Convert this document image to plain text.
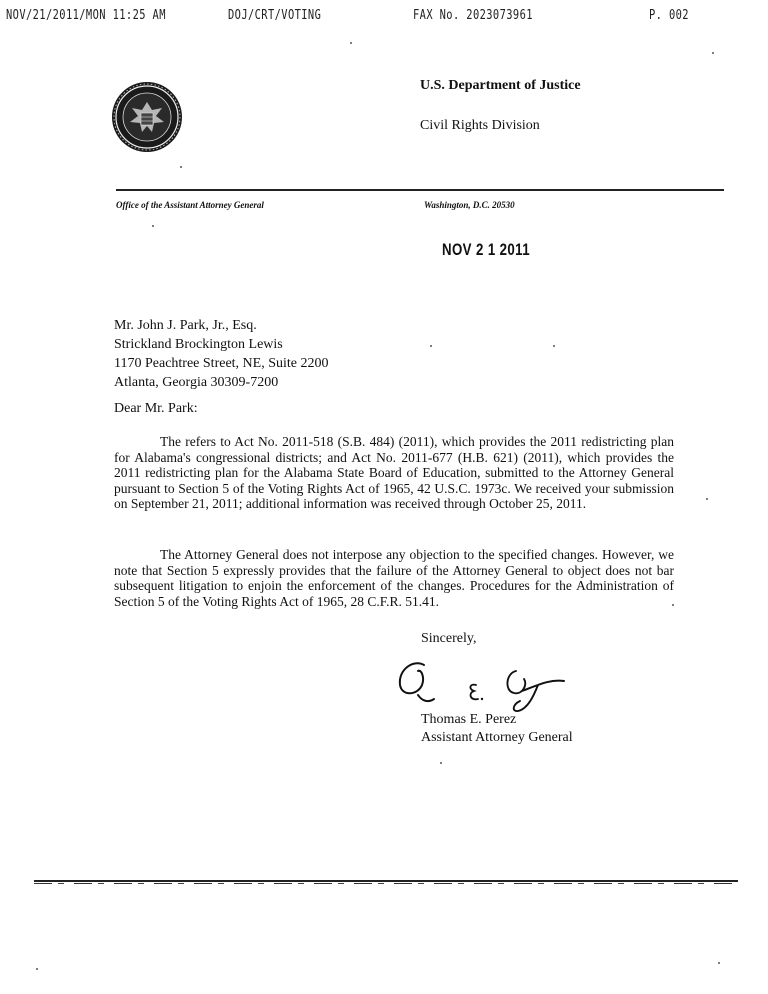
NOV/21/2011/MON 11:25 AM	DOJ/CRT/VOTING	FAX No. 2023073961	P. 002
U.S. Department of Justice
Civil Rights Division
Office of the Assistant Attorney General	Washington, D.C. 20530
NOV 2 1 2011
Mr. John J. Park, Jr., Esq.
Strickland Brockington Lewis
1170 Peachtree Street, NE, Suite 2200
Atlanta, Georgia 30309-7200
Dear Mr. Park:

The refers to Act No. 2011-518 (S.B. 484) (2011), which provides the 2011 redistricting plan for Alabama's congressional districts; and Act No. 2011-677 (H.B. 621) (2011), which provides the 2011 redistricting plan for the Alabama State Board of Education, submitted to the Attorney General pursuant to Section 5 of the Voting Rights Act of 1965, 42 U.S.C. 1973c. We received your submission on September 21, 2011; additional information was received through October 25, 2011.

The Attorney General does not interpose any objection to the specified changes. However, we note that Section 5 expressly provides that the failure of the Attorney General to object does not bar subsequent litigation to enjoin the enforcement of the changes. Procedures for the Administration of Section 5 of the Voting Rights Act of 1965, 28 C.F.R. 51.41.

Sincerely,
Thomas E. Perez
Assistant Attorney General
